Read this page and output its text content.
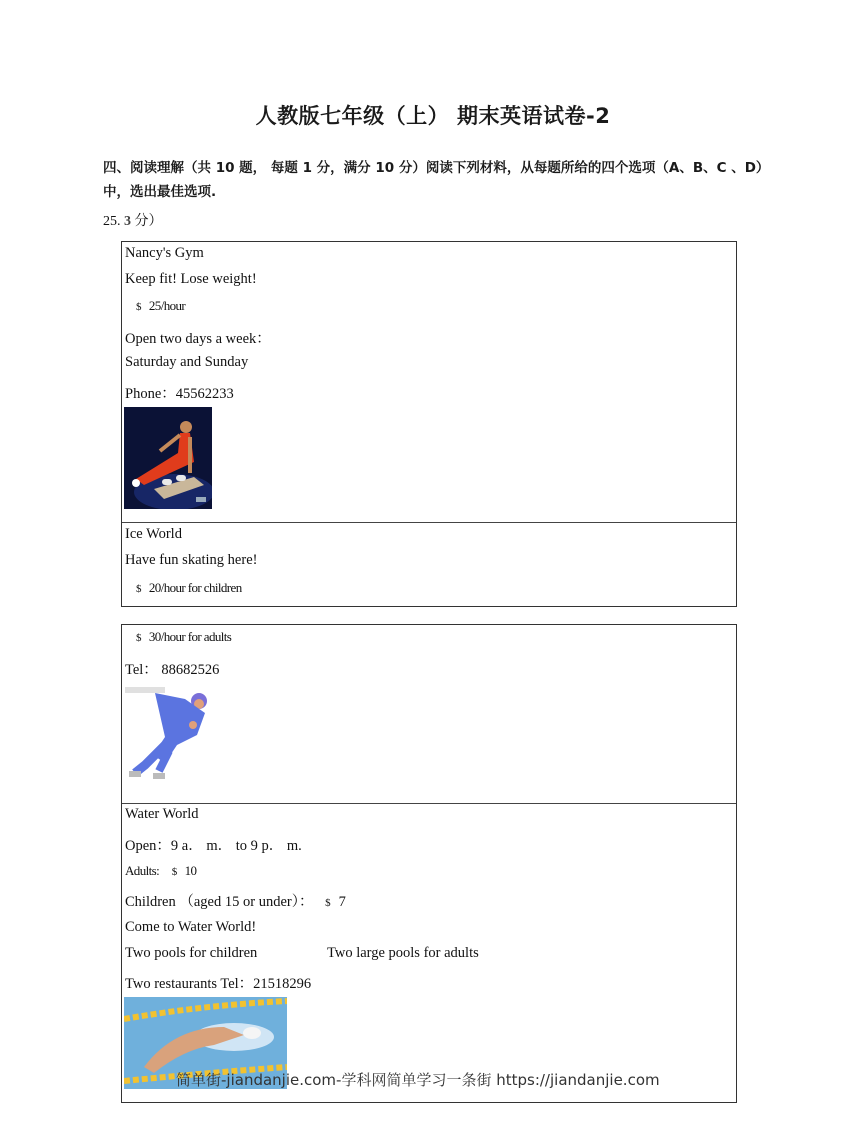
人教版七年级（上） 期末英语试卷-2
四、阅读理解（共 10 题， 每题 1 分，满分 10 分）阅读下列材料，从每题所给的四个选项（A、B、C 、D）中，选出最佳选项.
25. 3 分）
Nancy's Gym
Keep fit! Lose weight!
$ 25/hour
Open two days a week：
Saturday and Sunday
Phone：45562233
Ice World
Have fun skating here!
$ 20/hour for children
$ 30/hour for adults
Tel： 88682526
Water World
Open：9 a． m． to 9 p． m.
Adults: $ 10
Children （aged 15 or under）： $ 7
Come to Water World!
Two pools for children	Two large pools for adults
Two restaurants Tel：21518296
简单街-jiandanjie.com-学科网简单学习一条街 https://jiandanjie.com
